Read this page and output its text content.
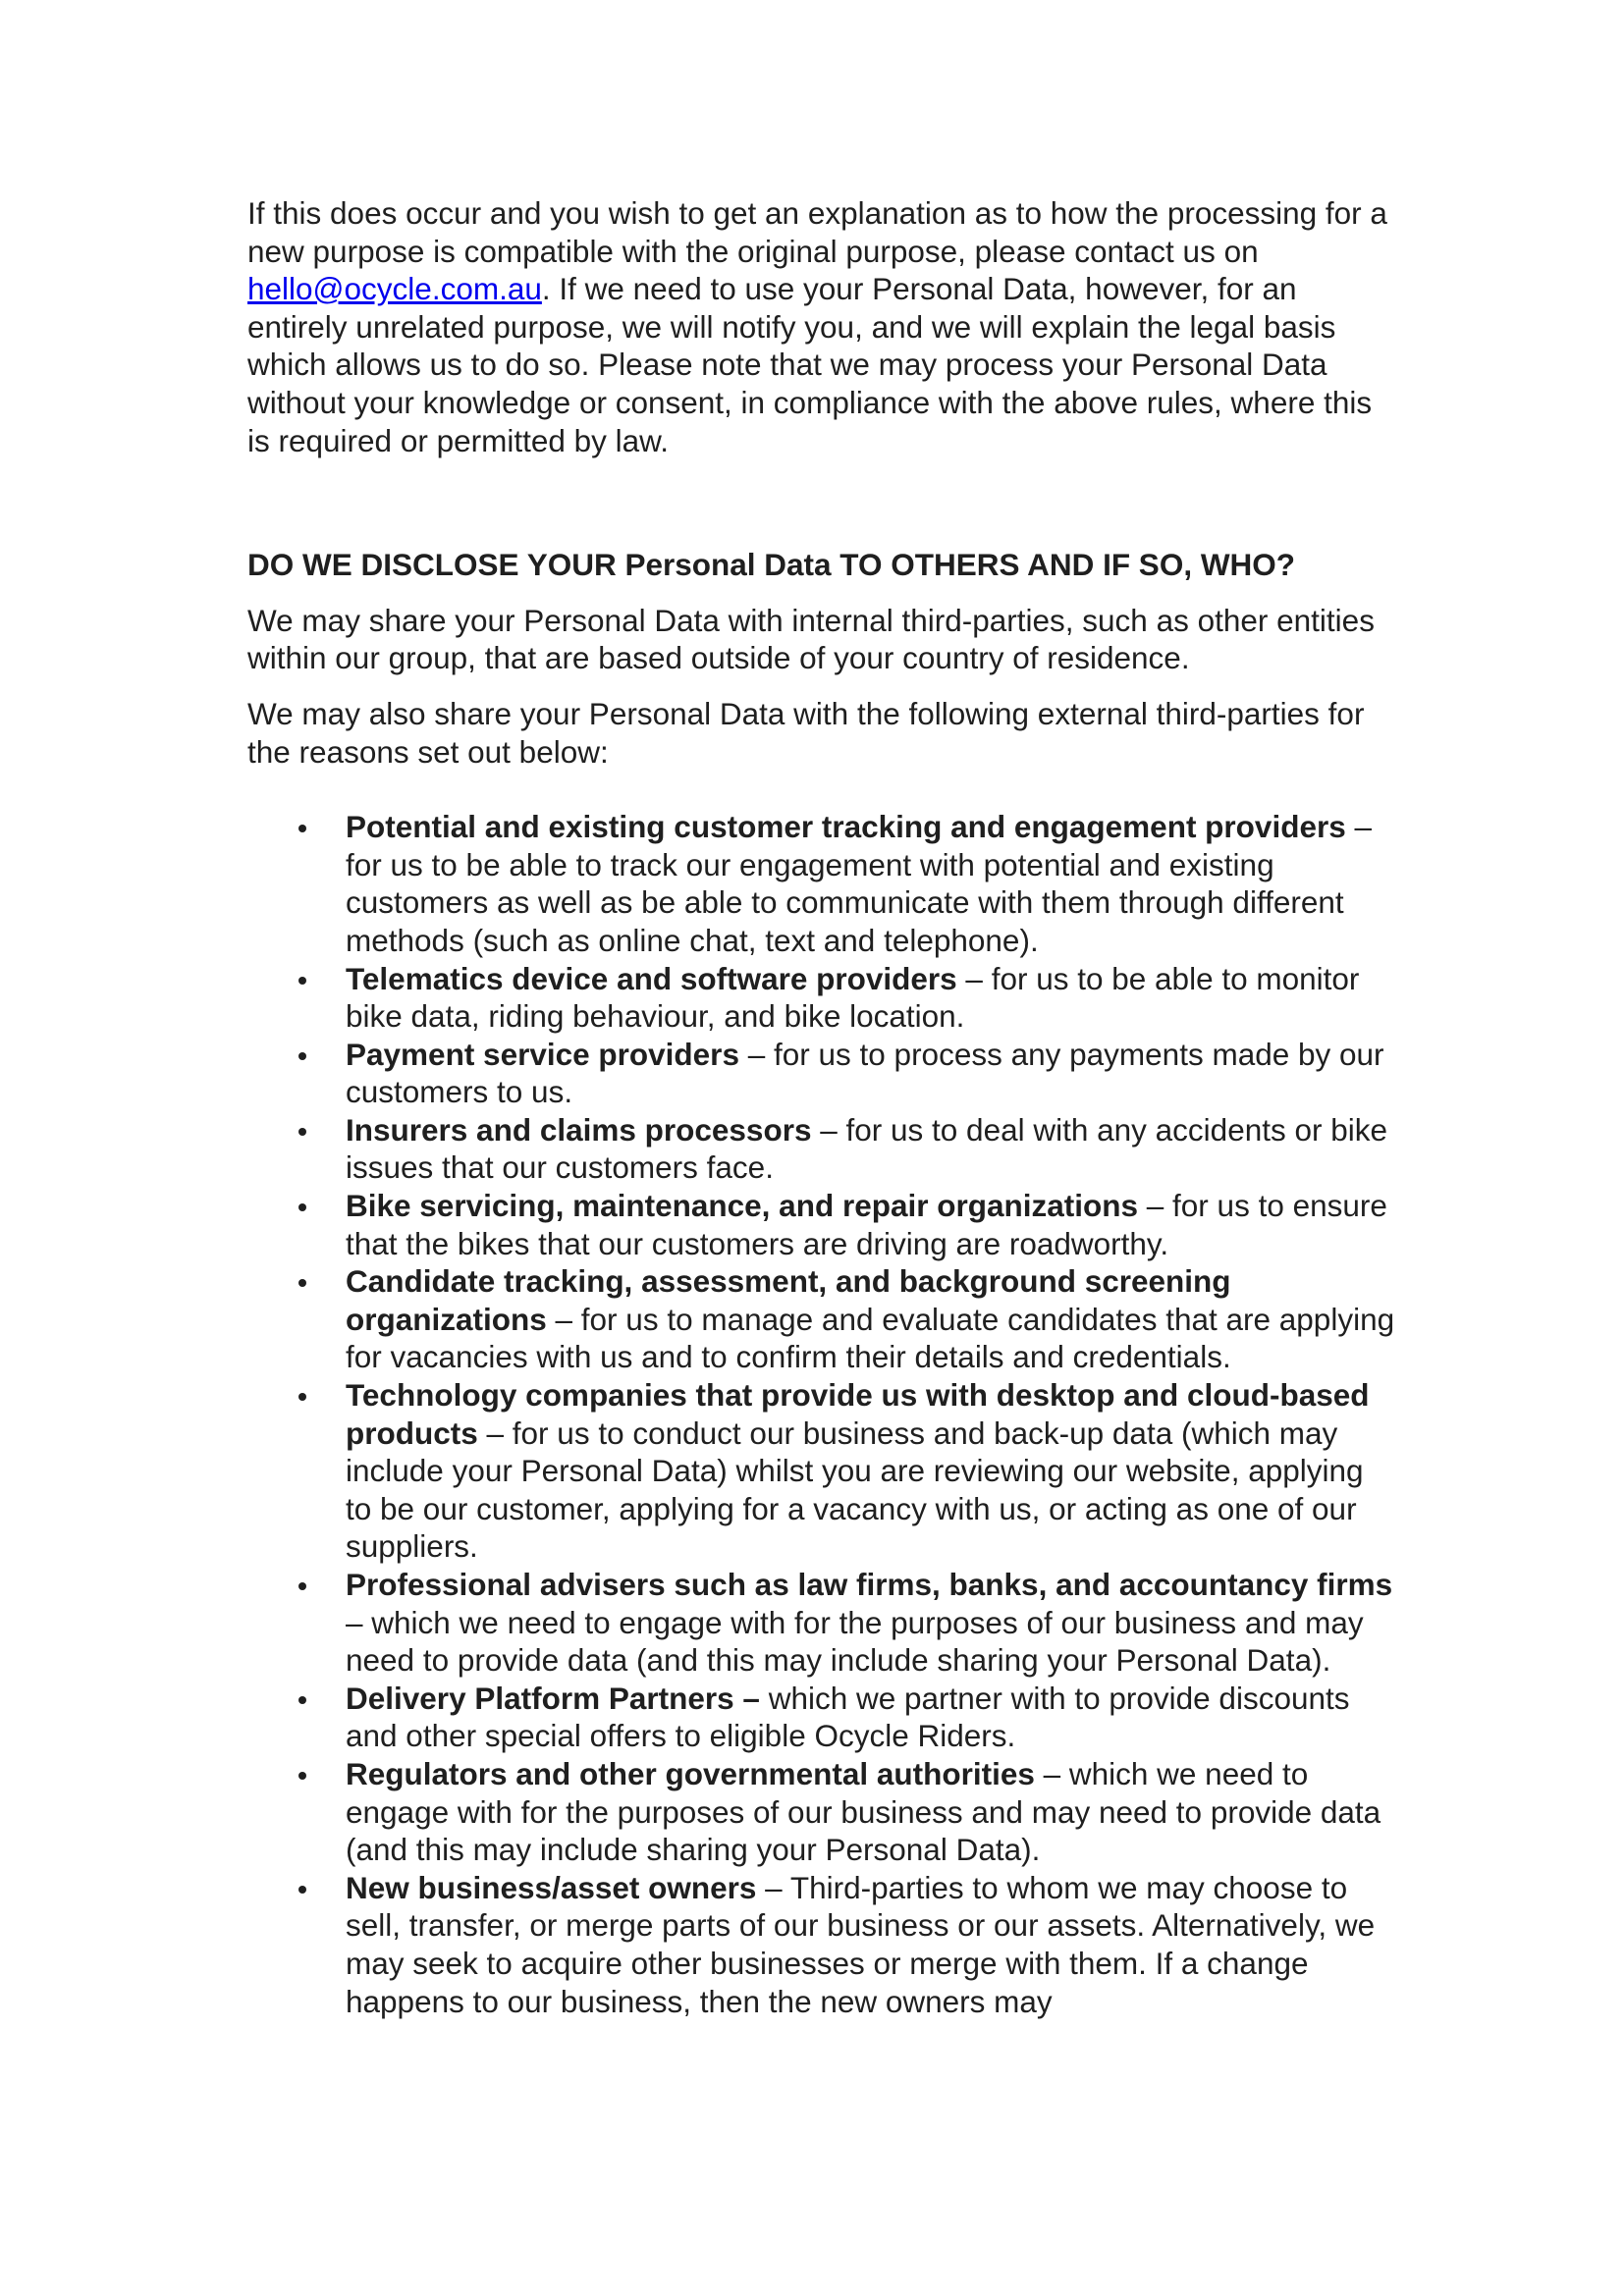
If this does occur and you wish to get an explanation as to how the processing for a new purpose is compatible with the original purpose, please contact us on hello@ocycle.com.au. If we need to use your Personal Data, however, for an entirely unrelated purpose, we will notify you, and we will explain the legal basis which allows us to do so. Please note that we may process your Personal Data without your knowledge or consent, in compliance with the above rules, where this is required or permitted by law.

DO WE DISCLOSE YOUR Personal Data TO OTHERS AND IF SO, WHO?

We may share your Personal Data with internal third-parties, such as other entities within our group, that are based outside of your country of residence.

We may also share your Personal Data with the following external third-parties for the reasons set out below:

Potential and existing customer tracking and engagement providers – for us to be able to track our engagement with potential and existing customers as well as be able to communicate with them through different methods (such as online chat, text and telephone).
Telematics device and software providers – for us to be able to monitor bike data, riding behaviour, and bike location.
Payment service providers – for us to process any payments made by our customers to us.
Insurers and claims processors – for us to deal with any accidents or bike issues that our customers face.
Bike servicing, maintenance, and repair organizations – for us to ensure that the bikes that our customers are driving are roadworthy.
Candidate tracking, assessment, and background screening organizations – for us to manage and evaluate candidates that are applying for vacancies with us and to confirm their details and credentials.
Technology companies that provide us with desktop and cloud-based products – for us to conduct our business and back-up data (which may include your Personal Data) whilst you are reviewing our website, applying to be our customer, applying for a vacancy with us, or acting as one of our suppliers.
Professional advisers such as law firms, banks, and accountancy firms – which we need to engage with for the purposes of our business and may need to provide data (and this may include sharing your Personal Data).
Delivery Platform Partners – which we partner with to provide discounts and other special offers to eligible Ocycle Riders.
Regulators and other governmental authorities – which we need to engage with for the purposes of our business and may need to provide data (and this may include sharing your Personal Data).
New business/asset owners – Third-parties to whom we may choose to sell, transfer, or merge parts of our business or our assets. Alternatively, we may seek to acquire other businesses or merge with them. If a change happens to our business, then the new owners may
